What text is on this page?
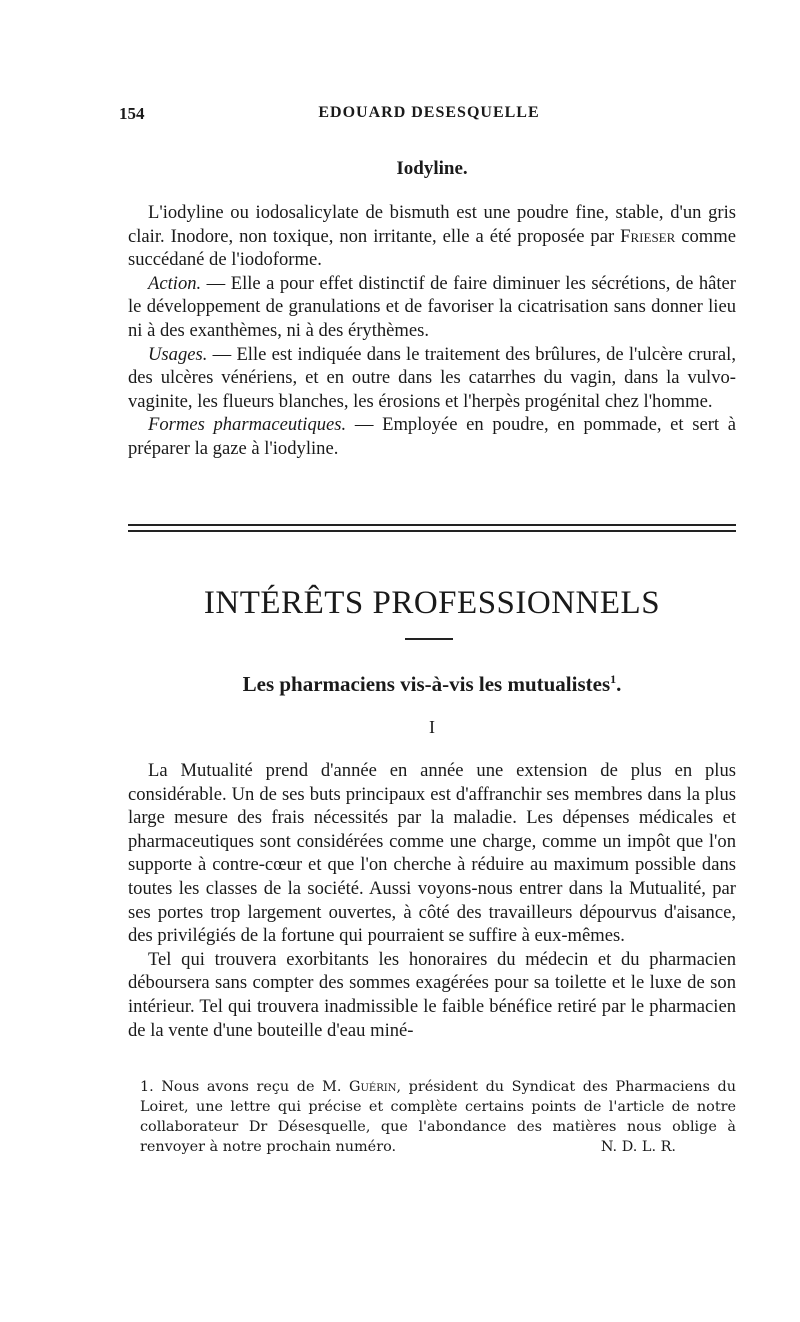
154	EDOUARD DESESQUELLE
Iodyline.

L'iodyline ou iodosalicylate de bismuth est une poudre fine, stable, d'un gris clair. Inodore, non toxique, non irritante, elle a été proposée par Frieser comme succédané de l'iodoforme.

Action. — Elle a pour effet distinctif de faire diminuer les sécrétions, de hâter le développement de granulations et de favoriser la cicatrisation sans donner lieu ni à des exanthèmes, ni à des érythèmes.

Usages. — Elle est indiquée dans le traitement des brûlures, de l'ulcère crural, des ulcères vénériens, et en outre dans les catarrhes du vagin, dans la vulvo-vaginite, les flueurs blanches, les érosions et l'herpès progénital chez l'homme.

Formes pharmaceutiques. — Employée en poudre, en pommade, et sert à préparer la gaze à l'iodyline.

INTÉRÊTS PROFESSIONNELS
Les pharmaciens vis-à-vis les mutualistes$^1$.
I

La Mutualité prend d'année en année une extension de plus en plus considérable. Un de ses buts principaux est d'affranchir ses membres dans la plus large mesure des frais nécessités par la maladie. Les dépenses médicales et pharmaceutiques sont considérées comme une charge, comme un impôt que l'on supporte à contre-cœur et que l'on cherche à réduire au maximum possible dans toutes les classes de la société. Aussi voyons-nous entrer dans la Mutualité, par ses portes trop largement ouvertes, à côté des travailleurs dépourvus d'aisance, des privilégiés de la fortune qui pourraient se suffire à eux-mêmes.

Tel qui trouvera exorbitants les honoraires du médecin et du pharmacien déboursera sans compter des sommes exagérées pour sa toilette et le luxe de son intérieur. Tel qui trouvera inadmissible le faible bénéfice retiré par le pharmacien de la vente d'une bouteille d'eau miné-

1. Nous avons reçu de M. Guérin, président du Syndicat des Pharmaciens du Loiret, une lettre qui précise et complète certains points de l'article de notre collaborateur Dr Désesquelle, que l'abondance des matières nous oblige à renvoyer à notre prochain numéro.	N. D. L. R.
